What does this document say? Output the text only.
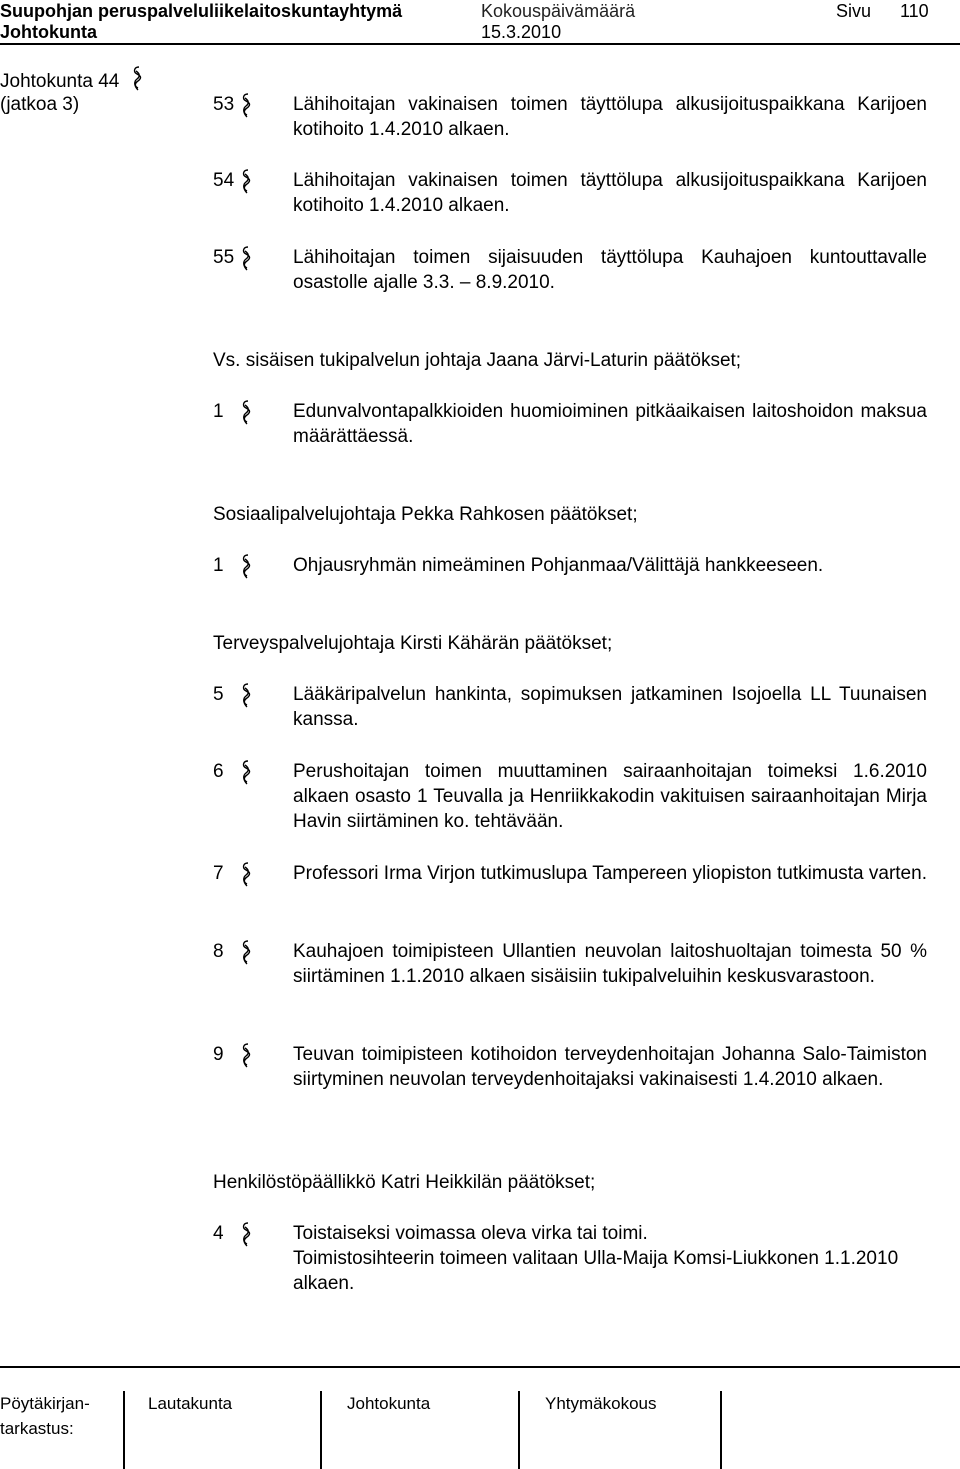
Suupohjan peruspalveluliikelaitoskuntayhtymä	Kokouspäivämäärä	Sivu 110
Johtokunta	15.3.2010
Johtokunta 44
(jatkoa 3)	53	Lähihoitajan vakinaisen toimen täyttölupa alkusijoituspaikkana Karijoen kotihoito 1.4.2010 alkaen.
54	Lähihoitajan vakinaisen toimen täyttölupa alkusijoituspaikkana Karijoen kotihoito 1.4.2010 alkaen.
55	Lähihoitajan toimen sijaisuuden täyttölupa Kauhajoen kuntouttavalle osastolle ajalle 3.3. – 8.9.2010.
Vs. sisäisen tukipalvelun johtaja Jaana Järvi-Laturin päätökset;
1	Edunvalvontapalkkioiden huomioiminen pitkäaikaisen laitoshoidon maksua määrättäessä.
Sosiaalipalvelujohtaja Pekka Rahkosen päätökset;
1	Ohjausryhmän nimeäminen Pohjanmaa/Välittäjä hankkeeseen.
Terveyspalvelujohtaja Kirsti Kähärän päätökset;
5	Lääkäripalvelun hankinta, sopimuksen jatkaminen Isojoella LL Tuunaisen kanssa.
6	Perushoitajan toimen muuttaminen sairaanhoitajan toimeksi 1.6.2010 alkaen osasto 1 Teuvalla ja Henriikkakodin vakituisen sairaanhoitajan Mirja Havin siirtäminen ko. tehtävään.
7	Professori Irma Virjon tutkimuslupa Tampereen yliopiston tutkimusta varten.
8	Kauhajoen toimipisteen Ullantien neuvolan laitoshuoltajan toimesta 50 % siirtäminen 1.1.2010 alkaen sisäisiin tukipalveluihin keskusvarastoon.
9	Teuvan toimipisteen kotihoidon terveydenhoitajan Johanna Salo-Taimiston siirtyminen neuvolan terveydenhoitajaksi vakinaisesti 1.4.2010 alkaen.
Henkilöstöpäällikkö Katri Heikkilän päätökset;
4	Toistaiseksi voimassa oleva virka tai toimi.
Toimistosihteerin toimeen valitaan Ulla-Maija Komsi-Liukkonen 1.1.2010 alkaen.
Pöytäkirjan-
tarkastus:
Lautakunta	Johtokunta	Yhtymäkokous
